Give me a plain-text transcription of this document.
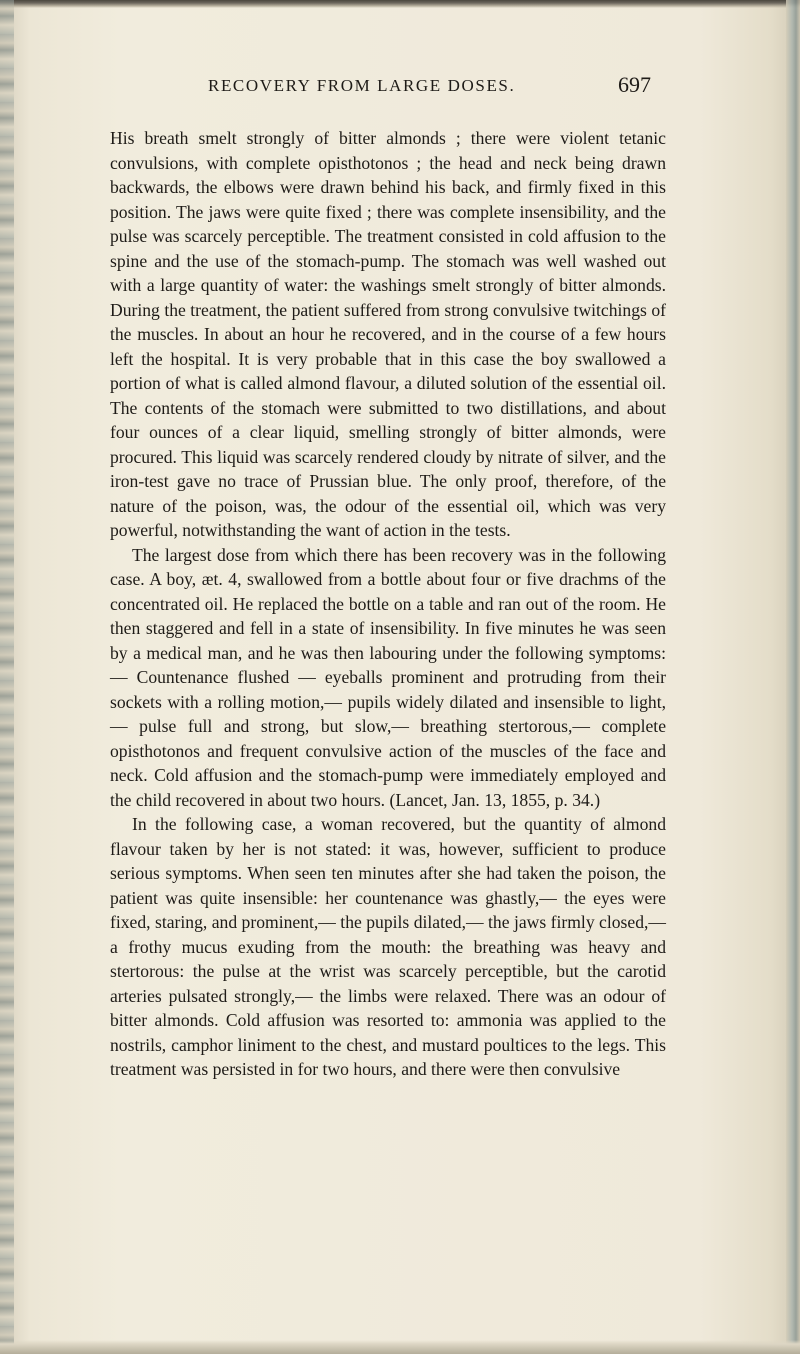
RECOVERY FROM LARGE DOSES.	697

His breath smelt strongly of bitter almonds ; there were violent tetanic convulsions, with complete opisthotonos ; the head and neck being drawn backwards, the elbows were drawn behind his back, and firmly fixed in this position. The jaws were quite fixed ; there was complete insensibility, and the pulse was scarcely perceptible. The treatment consisted in cold affusion to the spine and the use of the stomach-pump. The stomach was well washed out with a large quantity of water: the washings smelt strongly of bitter almonds. During the treatment, the patient suffered from strong convulsive twitchings of the muscles. In about an hour he recovered, and in the course of a few hours left the hospital. It is very probable that in this case the boy swallowed a portion of what is called almond flavour, a diluted solution of the essential oil. The contents of the stomach were submitted to two distillations, and about four ounces of a clear liquid, smelling strongly of bitter almonds, were procured. This liquid was scarcely rendered cloudy by nitrate of silver, and the iron-test gave no trace of Prussian blue. The only proof, therefore, of the nature of the poison, was, the odour of the essential oil, which was very powerful, notwithstanding the want of action in the tests.

The largest dose from which there has been recovery was in the following case. A boy, æt. 4, swallowed from a bottle about four or five drachms of the concentrated oil. He replaced the bottle on a table and ran out of the room. He then staggered and fell in a state of insensibility. In five minutes he was seen by a medical man, and he was then labouring under the following symptoms:— Countenance flushed — eyeballs prominent and protruding from their sockets with a rolling motion,— pupils widely dilated and insensible to light,— pulse full and strong, but slow,— breathing stertorous,— complete opisthotonos and frequent convulsive action of the muscles of the face and neck. Cold affusion and the stomach-pump were immediately employed and the child recovered in about two hours. (Lancet, Jan. 13, 1855, p. 34.)

In the following case, a woman recovered, but the quantity of almond flavour taken by her is not stated: it was, however, sufficient to produce serious symptoms. When seen ten minutes after she had taken the poison, the patient was quite insensible: her countenance was ghastly,— the eyes were fixed, staring, and prominent,— the pupils dilated,— the jaws firmly closed,— a frothy mucus exuding from the mouth: the breathing was heavy and stertorous: the pulse at the wrist was scarcely perceptible, but the carotid arteries pulsated strongly,— the limbs were relaxed. There was an odour of bitter almonds. Cold affusion was resorted to: ammonia was applied to the nostrils, camphor liniment to the chest, and mustard poultices to the legs. This treatment was persisted in for two hours, and there were then convulsive
